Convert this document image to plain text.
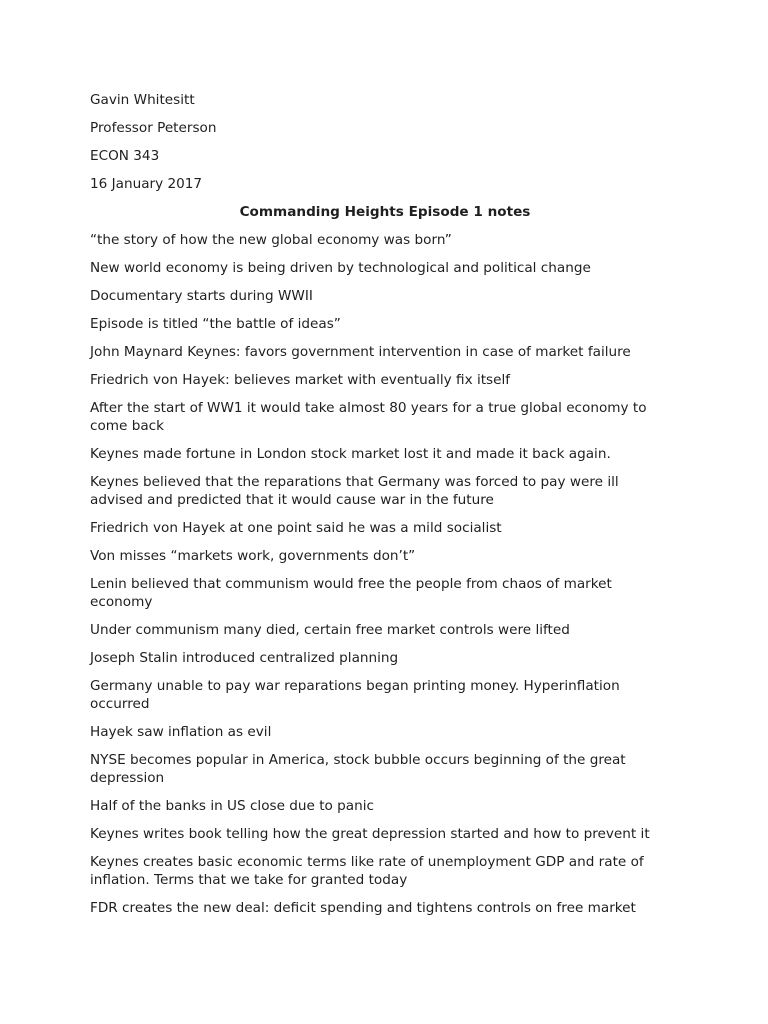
Gavin Whitesitt

Professor Peterson

ECON 343

16 January 2017

Commanding Heights Episode 1 notes

“the story of how the new global economy was born”

New world economy is being driven by technological and political change

Documentary starts during WWII

Episode is titled “the battle of ideas”

John Maynard Keynes: favors government intervention in case of market failure

Friedrich von Hayek: believes market with eventually fix itself

After the start of WW1 it would take almost 80 years for a true global economy to come back

Keynes made fortune in London stock market lost it and made it back again.

Keynes believed that the reparations that Germany was forced to pay were ill advised and predicted that it would cause war in the future

Friedrich von Hayek at one point said he was a mild socialist

Von misses “markets work, governments don’t”

Lenin believed that communism would free the people from chaos of market economy

Under communism many died, certain free market controls were lifted

Joseph Stalin introduced centralized planning

Germany unable to pay war reparations began printing money. Hyperinflation occurred

Hayek saw inflation as evil

NYSE becomes popular in America, stock bubble occurs beginning of the great depression

Half of the banks in US close due to panic

Keynes writes book telling how the great depression started and how to prevent it

Keynes creates basic economic terms like rate of unemployment GDP and rate of inflation. Terms that we take for granted today

FDR creates the new deal: deficit spending and tightens controls on free market
